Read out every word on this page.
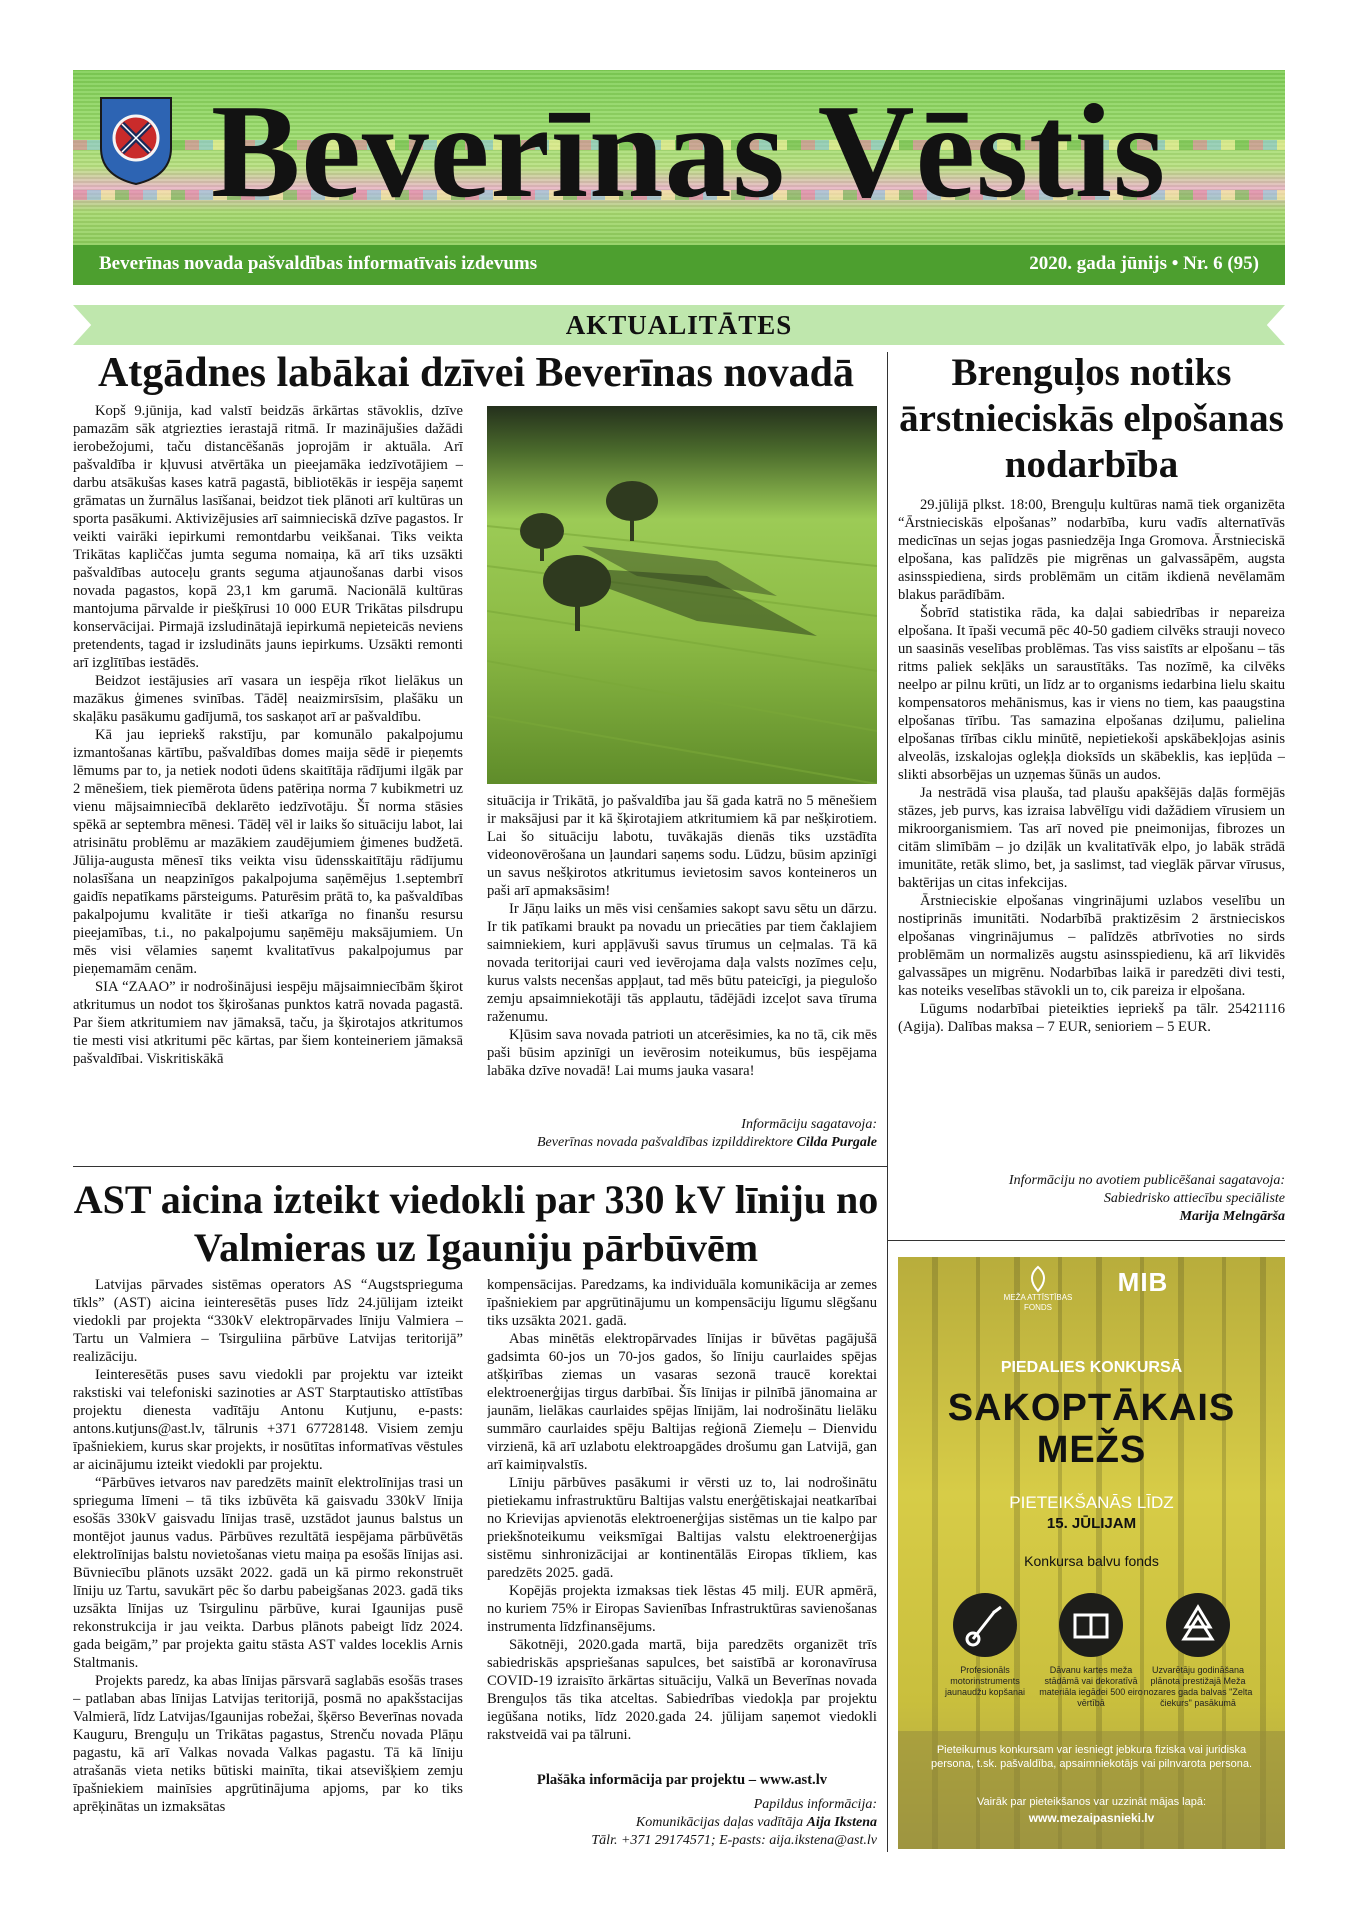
Beverīnas Vēstis
Beverīnas novada pašvaldības informatīvais izdevums	2020. gada jūnijs • Nr. 6 (95)
AKTUALITĀTES
Atgādnes labākai dzīvei Beverīnas novadā

Kopš 9.jūnija, kad valstī beidzās ārkārtas stāvoklis, dzīve pamazām sāk atgriezties ierastajā ritmā. Ir mazinājušies dažādi ierobežojumi, taču distancēšanās joprojām ir aktuāla. Arī pašvaldība ir kļuvusi atvērtāka un pieejamāka iedzīvotājiem – darbu atsākušas kases katrā pagastā, bibliotēkās ir iespēja saņemt grāmatas un žurnālus lasīšanai, beidzot tiek plānoti arī kultūras un sporta pasākumi. Aktivizējusies arī saimnieciskā dzīve pagastos. Ir veikti vairāki iepirkumi remontdarbu veikšanai. Tiks veikta Trikātas kapliččas jumta seguma nomaiņa, kā arī tiks uzsākti pašvaldības autoceļu grants seguma atjaunošanas darbi visos novada pagastos, kopā 23,1 km garumā. Nacionālā kultūras mantojuma pārvalde ir piešķīrusi 10 000 EUR Trikātas pilsdrupu konservācijai. Pirmajā izsludinātajā iepirkumā nepieteicās neviens pretendents, tagad ir izsludināts jauns iepirkums. Uzsākti remonti arī izglītības iestādēs.

Beidzot iestājusies arī vasara un iespēja rīkot lielākus un mazākus ģimenes svinības. Tādēļ neaizmirsīsim, plašāku un skaļāku pasākumu gadījumā, tos saskaņot arī ar pašvaldību.

Kā jau iepriekš rakstīju, par komunālo pakalpojumu izmantošanas kārtību, pašvaldības domes maija sēdē ir pieņemts lēmums par to, ja netiek nodoti ūdens skaitītāja rādījumi ilgāk par 2 mēnešiem, tiek piemērota ūdens patēriņa norma 7 kubikmetri uz vienu mājsaimniecībā deklarēto iedzīvotāju. Šī norma stāsies spēkā ar septembra mēnesi. Tādēļ vēl ir laiks šo situāciju labot, lai atrisinātu problēmu ar mazākiem zaudējumiem ģimenes budžetā. Jūlija-augusta mēnesī tiks veikta visu ūdensskaitītāju rādījumu nolasīšana un neapzinīgos pakalpojuma saņēmējus 1.septembrī gaidīs nepatīkams pārsteigums. Paturēsim prātā to, ka pašvaldības pakalpojumu kvalitāte ir tieši atkarīga no finanšu resursu pieejamības, t.i., no pakalpojumu saņēmēju maksājumiem. Un mēs visi vēlamies saņemt kvalitatīvus pakalpojumus par pieņemamām cenām.

SIA “ZAAO” ir nodrošinājusi iespēju mājsaimniecībām šķirot atkritumus un nodot tos šķirošanas punktos katrā novada pagastā. Par šiem atkritumiem nav jāmaksā, taču, ja šķirotajos atkritumos tie mesti visi atkritumi pēc kārtas, par šiem konteineriem jāmaksā pašvaldībai. Viskritiskākā

situācija ir Trikātā, jo pašvaldība jau šā gada katrā no 5 mēnešiem ir maksājusi par it kā šķirotajiem atkritumiem kā par nešķirotiem. Lai šo situāciju labotu, tuvākajās dienās tiks uzstādīta videonovērošana un ļaundari saņems sodu. Lūdzu, būsim apzinīgi un savus nešķirotos atkritumus ievietosim savos konteineros un paši arī apmaksāsim!

Ir Jāņu laiks un mēs visi cenšamies sakopt savu sētu un dārzu. Ir tik patīkami braukt pa novadu un priecāties par tiem čaklajiem saimniekiem, kuri appļāvuši savus tīrumus un ceļmalas. Tā kā novada teritorijai cauri ved ievērojama daļa valsts nozīmes ceļu, kurus valsts necenšas appļaut, tad mēs būtu pateicīgi, ja piegulošo zemju apsaimniekotāji tās applautu, tādējādi izceļot sava tīruma raženumu.

Kļūsim sava novada patrioti un atcerēsimies, ka no tā, cik mēs paši būsim apzinīgi un ievērosim noteikumus, būs iespējama labāka dzīve novadā! Lai mums jauka vasara!

Informāciju sagatavoja:
Beverīnas novada pašvaldības izpilddirektore Cilda Purgale
Brenguļos notiks ārstnieciskās elpošanas nodarbība

29.jūlijā plkst. 18:00, Brenguļu kultūras namā tiek organizēta “Ārstnieciskās elpošanas” nodarbība, kuru vadīs alternatīvās medicīnas un sejas jogas pasniedzēja Inga Gromova. Ārstnieciskā elpošana, kas palīdzēs pie migrēnas un galvassāpēm, augsta asinsspiediena, sirds problēmām un citām ikdienā nevēlamām blakus parādībām.

Šobrīd statistika rāda, ka daļai sabiedrības ir nepareiza elpošana. It īpaši vecumā pēc 40-50 gadiem cilvēks strauji noveco un saasinās veselības problēmas. Tas viss saistīts ar elpošanu – tās ritms paliek sekļāks un saraustītāks. Tas nozīmē, ka cilvēks neelpo ar pilnu krūti, un līdz ar to organisms iedarbina lielu skaitu kompensatoros mehānismus, kas ir viens no tiem, kas paaugstina elpošanas tīrību. Tas samazina elpošanas dziļumu, palielina elpošanas tīrības ciklu minūtē, nepietiekoši apskābekļojas asinis alveolās, izskalojas ogleķļa dioksīds un skābeklis, kas iepļūda – slikti absorbējas un uzņemas šūnās un audos.

Ja nestrādā visa plauša, tad plaušu apakšējās daļās formējās stāzes, jeb purvs, kas izraisa labvēlīgu vidi dažādiem vīrusiem un mikroorganismiem. Tas arī noved pie pneimonijas, fibrozes un citām slimībām – jo dziļāk un kvalitatīvāk elpo, jo labāk strādā imunitāte, retāk slimo, bet, ja saslimst, tad vieglāk pārvar vīrusus, baktērijas un citas infekcijas.

Ārstnieciskie elpošanas vingrinājumi uzlabos veselību un nostiprinās imunitāti. Nodarbībā praktizēsim 2 ārstnieciskos elpošanas vingrinājumus – palīdzēs atbrīvoties no sirds problēmām un normalizēs augstu asinsspiedienu, kā arī likvidēs galvassāpes un migrēnu. Nodarbības laikā ir paredzēti divi testi, kas noteiks veselības stāvokli un to, cik pareiza ir elpošana.

Lūgums nodarbībai pieteikties iepriekš pa tālr. 25421116 (Agija). Dalības maksa – 7 EUR, senioriem – 5 EUR.

Informāciju no avotiem publicēšanai sagatavoja:
Sabiedrisko attiecību speciāliste
Marija Melngārša
AST aicina izteikt viedokli par 330 kV līniju no Valmieras uz Igauniju pārbūvēm

Latvijas pārvades sistēmas operators AS “Augstsprieguma tīkls” (AST) aicina ieinteresētās puses līdz 24.jūlijam izteikt viedokli par projekta “330kV elektropārvades līniju Valmiera – Tartu un Valmiera – Tsirguliina pārbūve Latvijas teritorijā” realizāciju.

Ieinteresētās puses savu viedokli par projektu var izteikt rakstiski vai telefoniski sazinoties ar AST Starptautisko attīstības projektu dienesta vadītāju Antonu Kutjunu, e-pasts: antons.kutjuns@ast.lv, tālrunis +371 67728148. Visiem zemju īpašniekiem, kurus skar projekts, ir nosūtītas informatīvas vēstules ar aicinājumu izteikt viedokli par projektu.

“Pārbūves ietvaros nav paredzēts mainīt elektrolīnijas trasi un sprieguma līmeni – tā tiks izbūvēta kā gaisvadu 330kV līnija esošās 330kV gaisvadu līnijas trasē, uzstādot jaunus balstus un montējot jaunus vadus. Pārbūves rezultātā iespējama pārbūvētās elektrolīnijas balstu novietošanas vietu maiņa pa esošās līnijas asi. Būvniecību plānots uzsākt 2022. gadā un kā pirmo rekonstruēt līniju uz Tartu, savukārt pēc šo darbu pabeigšanas 2023. gadā tiks uzsākta līnijas uz Tsirgulinu pārbūve, kurai Igaunijas pusē rekonstrukcija ir jau veikta. Darbus plānots pabeigt līdz 2024. gada beigām,” par projekta gaitu stāsta AST valdes loceklis Arnis Staltmanis.

Projekts paredz, ka abas līnijas pārsvarā saglabās esošās trases – patlaban abas līnijas Latvijas teritorijā, posmā no apakšstacijas Valmierā, līdz Latvijas/Igaunijas robežai, šķērso Beverīnas novada Kauguru, Brenguļu un Trikātas pagastus, Strenču novada Plāņu pagastu, kā arī Valkas novada Valkas pagastu. Tā kā līniju atrašanās vieta netiks būtiski mainīta, tikai atsevišķiem zemju īpašniekiem mainīsies apgrūtinājuma apjoms, par ko tiks aprēķinātas un izmaksātas

kompensācijas. Paredzams, ka individuāla komunikācija ar zemes īpašniekiem par apgrūtinājumu un kompensāciju līgumu slēgšanu tiks uzsākta 2021. gadā.

Abas minētās elektropārvades līnijas ir būvētas pagājušā gadsimta 60-jos un 70-jos gados, šo līniju caurlaides spējas atšķirības ziemas un vasaras sezonā traucē korektai elektroenerģijas tirgus darbībai. Šīs līnijas ir pilnībā jānomaina ar jaunām, lielākas caurlaides spējas līnijām, lai nodrošinātu lielāku summāro caurlaides spēju Baltijas reģionā Ziemeļu – Dienvidu virzienā, kā arī uzlabotu elektroapgādes drošumu gan Latvijā, gan arī kaimiņvalstīs.

Līniju pārbūves pasākumi ir vērsti uz to, lai nodrošinātu pietiekamu infrastruktūru Baltijas valstu enerģētiskajai neatkarībai no Krievijas apvienotās elektroenerģijas sistēmas un tie kalpo par priekšnoteikumu veiksmīgai Baltijas valstu elektroenerģijas sistēmu sinhronizācijai ar kontinentālās Eiropas tīkliem, kas paredzēts 2025. gadā.

Kopējās projekta izmaksas tiek lēstas 45 milj. EUR apmērā, no kuriem 75% ir Eiropas Savienības Infrastruktūras savienošanas instrumenta līdzfinansējums.

Sākotnēji, 2020.gada martā, bija paredzēts organizēt trīs sabiedriskās apspriešanas sapulces, bet saistībā ar koronavīrusa COVID-19 izraisīto ārkārtas situāciju, Valkā un Beverīnas novada Brenguļos tās tika atceltas. Sabiedrības viedokļa par projektu iegūšana notiks, līdz 2020.gada 24. jūlijam saņemot viedokli rakstveidā vai pa tālruni.

Plašāka informācija par projektu – www.ast.lv
Papildus informācija:
Komunikācijas daļas vadītāja Aija Ikstena
Tālr. +371 29174571; E-pasts: aija.ikstena@ast.lv
MEŽA ATTĪSTĪBAS FONDS
MIB
PIEDALIES KONKURSĀ
SAKOPTĀKAIS
MEŽS
PIETEIKŠANĀS LĪDZ
15. JŪLIJAM
Konkursa balvu fonds
Profesionāls motorinstruments jaunaudžu kopšanai
Dāvanu kartes meža stādāmā vai dekoratīvā materiāla iegādei 500 eiro vērtībā
Uzvarētāju godināšana plānota prestižajā Meža nozares gada balvas "Zelta čiekurs" pasākumā
Pieteikumus konkursam var iesniegt jebkura fiziska vai juridiska persona, t.sk. pašvaldība, apsaimniekotājs vai pilnvarota persona.
Vairāk par pieteikšanos var uzzināt mājas lapā:
www.mezaipasnieki.lv
